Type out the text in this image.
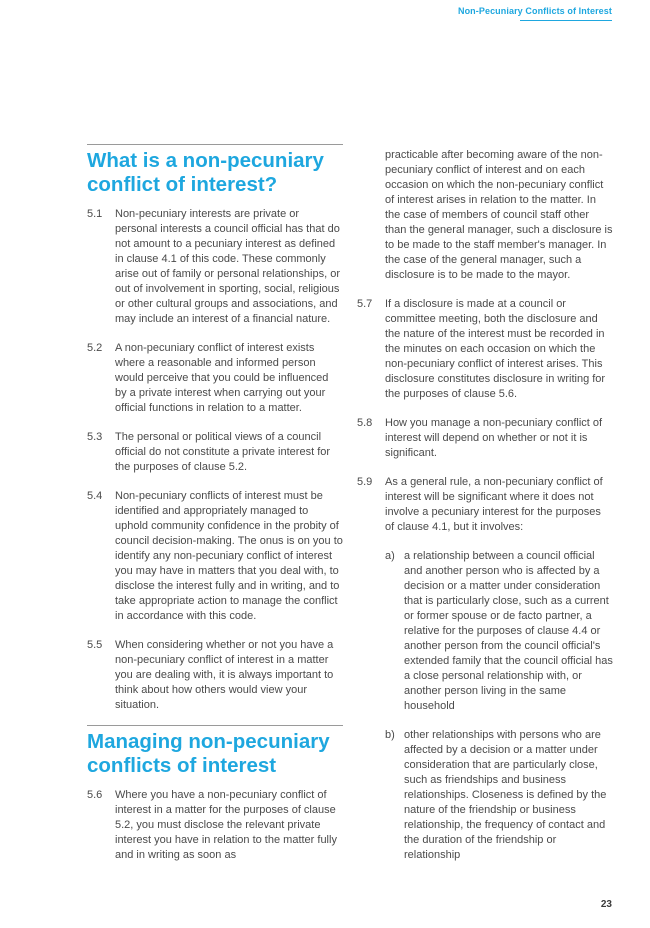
Non-Pecuniary Conflicts of Interest
What is a non-pecuniary
conflict of interest?
5.1	Non-pecuniary interests are private or personal interests a council official has that do not amount to a pecuniary interest as defined in clause 4.1 of this code. These commonly arise out of family or personal relationships, or out of involvement in sporting, social, religious or other cultural groups and associations, and may include an interest of a financial nature.
5.2	A non-pecuniary conflict of interest exists where a reasonable and informed person would perceive that you could be influenced by a private interest when carrying out your official functions in relation to a matter.
5.3	The personal or political views of a council official do not constitute a private interest for the purposes of clause 5.2.
5.4	Non-pecuniary conflicts of interest must be identified and appropriately managed to uphold community confidence in the probity of council decision-making. The onus is on you to identify any non-pecuniary conflict of interest you may have in matters that you deal with, to disclose the interest fully and in writing, and to take appropriate action to manage the conflict in accordance with this code.
5.5	When considering whether or not you have a non-pecuniary conflict of interest in a matter you are dealing with, it is always important to think about how others would view your situation.
Managing non-pecuniary
conflicts of interest
5.6	Where you have a non-pecuniary conflict of interest in a matter for the purposes of clause 5.2, you must disclose the relevant private interest you have in relation to the matter fully and in writing as soon as
practicable after becoming aware of the non-pecuniary conflict of interest and on each occasion on which the non-pecuniary conflict of interest arises in relation to the matter. In the case of members of council staff other than the general manager, such a disclosure is to be made to the staff member's manager. In the case of the general manager, such a disclosure is to be made to the mayor.
5.7	If a disclosure is made at a council or committee meeting, both the disclosure and the nature of the interest must be recorded in the minutes on each occasion on which the non-pecuniary conflict of interest arises. This disclosure constitutes disclosure in writing for the purposes of clause 5.6.
5.8	How you manage a non-pecuniary conflict of interest will depend on whether or not it is significant.
5.9	As a general rule, a non-pecuniary conflict of interest will be significant where it does not involve a pecuniary interest for the purposes of clause 4.1, but it involves:
a) a relationship between a council official and another person who is affected by a decision or a matter under consideration that is particularly close, such as a current or former spouse or de facto partner, a relative for the purposes of clause 4.4 or another person from the council official's extended family that the council official has a close personal relationship with, or another person living in the same household
b) other relationships with persons who are affected by a decision or a matter under consideration that are particularly close, such as friendships and business relationships. Closeness is defined by the nature of the friendship or business relationship, the frequency of contact and the duration of the friendship or relationship
23
